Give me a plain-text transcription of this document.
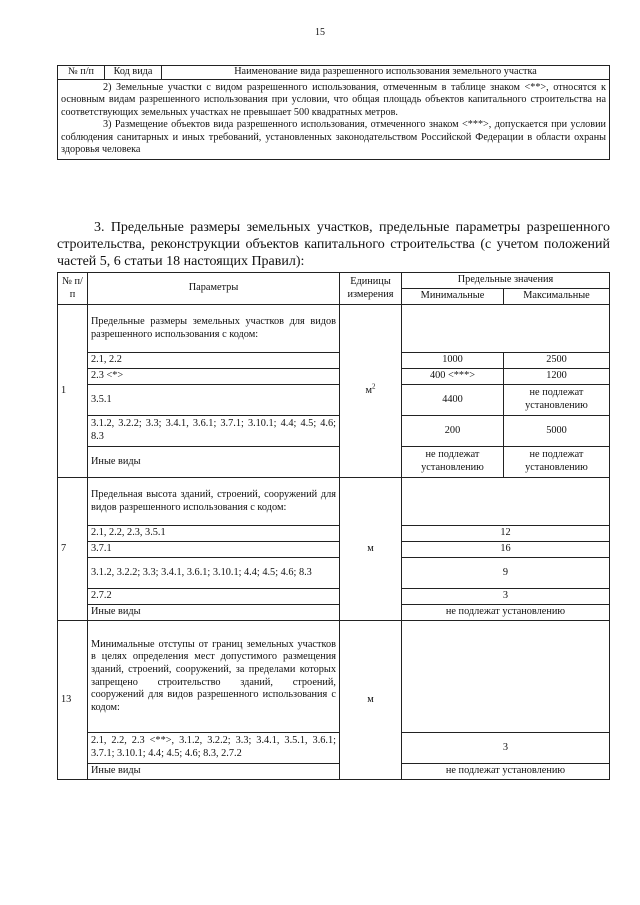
15
№ п/п	Код вида	Наименование вида разрешенного использования земельного участка

2) Земельные участки с видом разрешенного использования, отмеченным в таблице знаком <**>, относятся к основным видам разрешенного использования при условии, что общая площадь объектов капитального строительства на соответствующих земельных участках не превышает 500 квадратных метров.

3) Размещение объектов вида разрешенного использования, отмеченного знаком <***>, допускается при условии соблюдения санитарных и иных требований, установленных законодательством Российской Федерации в области охраны здоровья человека

3. Предельные размеры земельных участков, предельные параметры разрешенного строительства, реконструкции объектов капитального строительства (с учетом положений частей 5, 6 статьи 18 настоящих Правил):

№ п/п	Параметры	Единицы измерения	Предельные значения	
			Минимальные	Максимальные
1	Предельные размеры земельных участков для видов разрешенного использования с кодом:	$м^2$	
	2.1, 2.2		1000	2500
	2.3 <*>		400 <***>	1200
	3.5.1		4400	не подлежат установлению
	3.1.2, 3.2.2; 3.3; 3.4.1, 3.6.1; 3.7.1; 3.10.1; 4.4; 4.5; 4.6; 8.3		200	5000
	Иные виды		не подлежат установлению	не подлежат установлению
7	Предельная высота зданий, строений, сооружений для видов разрешенного использования с кодом:	м		
	2.1, 2.2, 2.3, 3.5.1		12	
	3.7.1		16	
	3.1.2, 3.2.2; 3.3; 3.4.1, 3.6.1; 3.10.1; 4.4; 4.5; 4.6; 8.3		9	
	2.7.2		3	
	Иные виды		не подлежат установлению	
13	Минимальные отступы от границ земельных участков в целях определения мест допустимого размещения зданий, строений, сооружений, за пределами которых запрещено строительство зданий, строений, сооружений для видов разрешенного использования с кодом:	м		
	2.1, 2.2, 2.3 <**>, 3.1.2, 3.2.2; 3.3; 3.4.1, 3.5.1, 3.6.1; 3.7.1; 3.10.1; 4.4; 4.5; 4.6; 8.3, 2.7.2		3	
	Иные виды		не подлежат установлению	
